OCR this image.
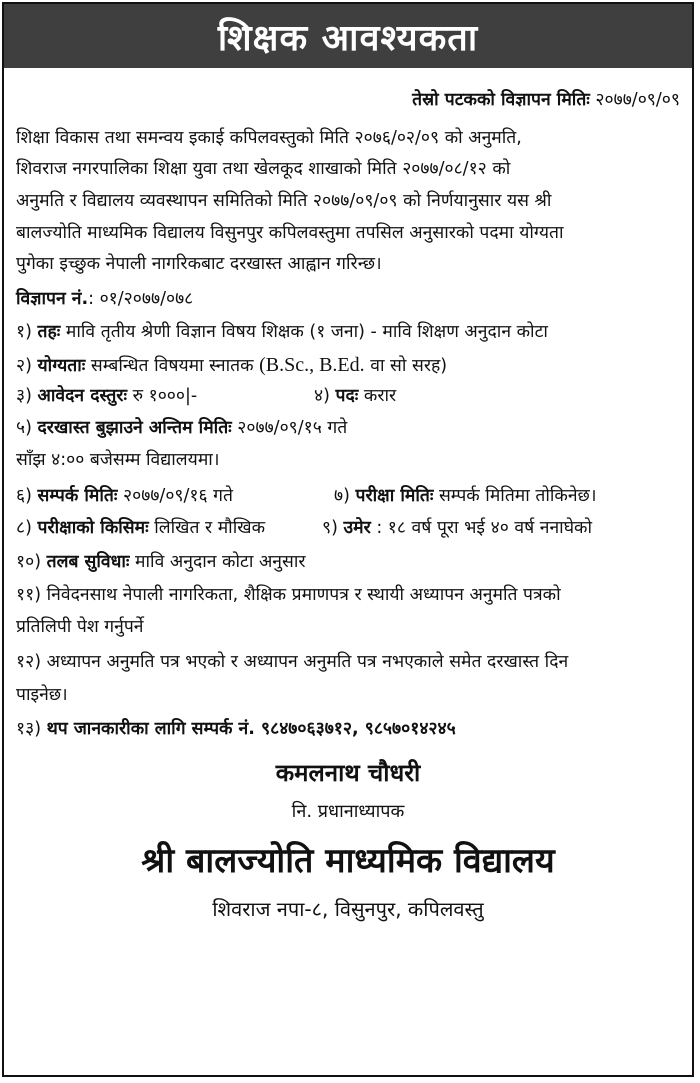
शिक्षक आवश्यकता
तेस्रो पटकको विज्ञापन मितिः २०७७/०९/०९
शिक्षा विकास तथा समन्वय इकाई कपिलवस्तुको मिति २०७६/०२/०९ को अनुमति,
शिवराज नगरपालिका शिक्षा युवा तथा खेलकूद शाखाको मिति २०७७/०८/१२ को
अनुमति र विद्यालय व्यवस्थापन समितिको मिति २०७७/०९/०९ को निर्णयानुसार यस श्री
बालज्योति माध्यमिक विद्यालय विसुनपुर कपिलवस्तुमा तपसिल अनुसारको पदमा योग्यता
पुगेका इच्छुक नेपाली नागरिकबाट दरखास्त आह्वान गरिन्छ।
विज्ञापन नं.: ०१/२०७७/०७८
१) तहः मावि तृतीय श्रेणी विज्ञान विषय शिक्षक (१ जना) - मावि शिक्षण अनुदान कोटा
२) योग्यताः सम्बन्धित विषयमा स्नातक (B.Sc., B.Ed. वा सो सरह)
३) आवेदन दस्तुरः रु १०००|-	४) पदः करार
५) दरखास्त बुझाउने अन्तिम मितिः २०७७/०९/१५ गते
साँझ ४:०० बजेसम्म विद्यालयमा।
६) सम्पर्क मितिः २०७७/०९/१६ गते	७) परीक्षा मितिः सम्पर्क मितिमा तोकिनेछ।
८) परीक्षाको किसिमः लिखित र मौखिक	९) उमेर : १८ वर्ष पूरा भई ४० वर्ष ननाघेको
१०) तलब सुविधाः मावि अनुदान कोटा अनुसार
११) निवेदनसाथ नेपाली नागरिकता, शैक्षिक प्रमाणपत्र र स्थायी अध्यापन अनुमति पत्रको
प्रतिलिपी पेश गर्नुपर्ने
१२) अध्यापन अनुमति पत्र भएको र अध्यापन अनुमति पत्र नभएकाले समेत दरखास्त दिन
पाइनेछ।
१३) थप जानकारीका लागि सम्पर्क नं. ९८४७०६३७१२, ९८५७०१४२४५
कमलनाथ चौधरी
नि. प्रधानाध्यापक
श्री बालज्योति माध्यमिक विद्यालय
शिवराज नपा-८, विसुनपुर, कपिलवस्तु
